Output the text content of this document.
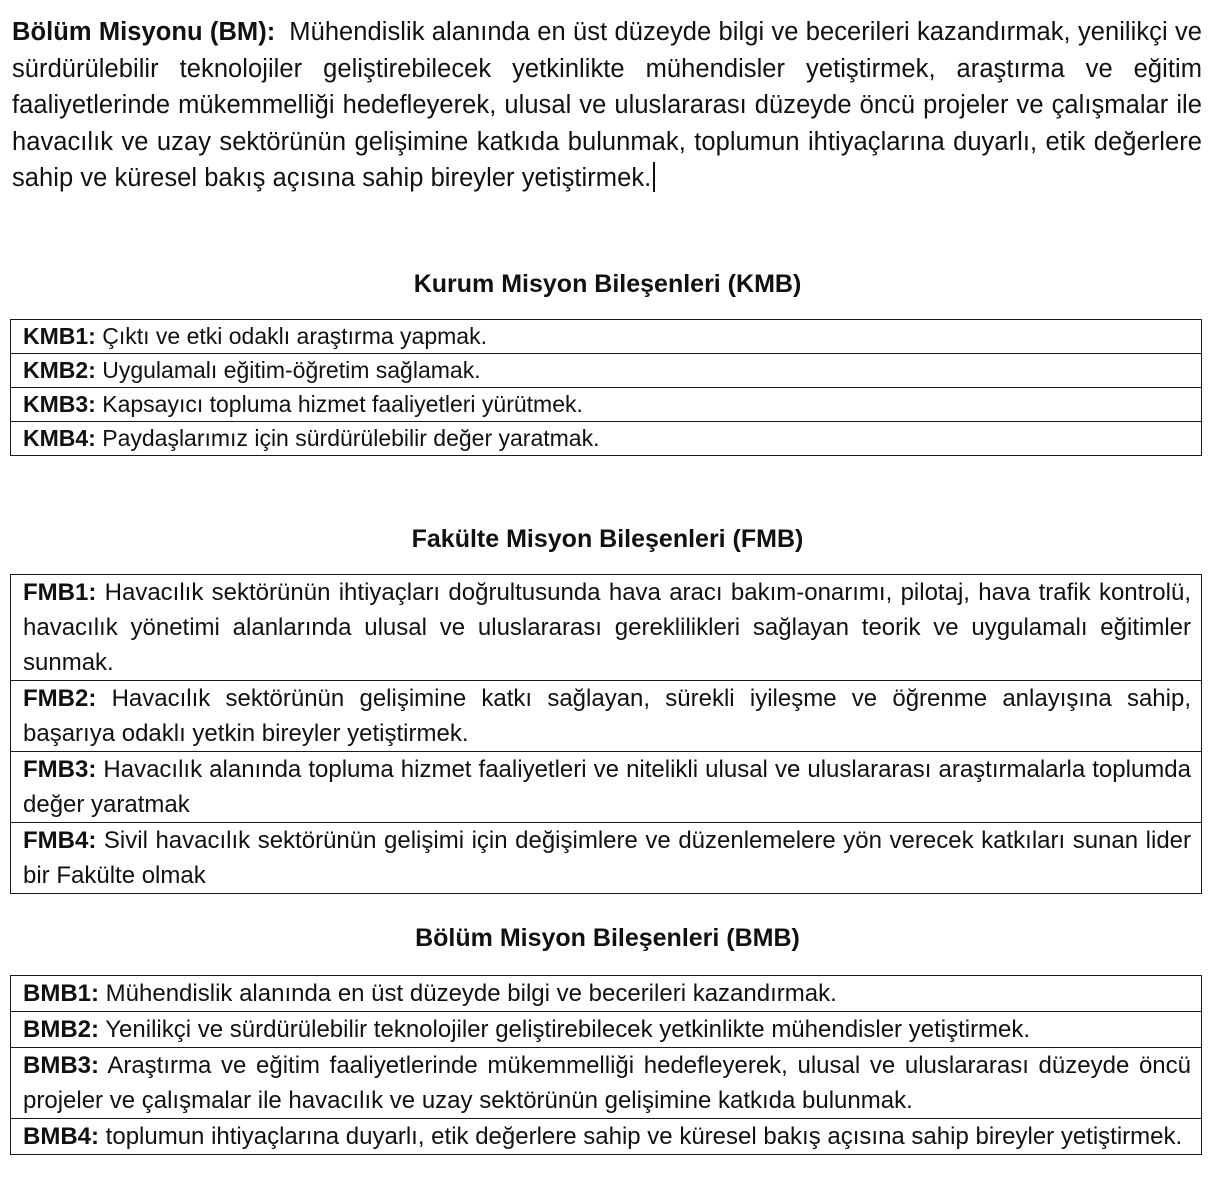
Bölüm Misyonu (BM): Mühendislik alanında en üst düzeyde bilgi ve becerileri kazandırmak, yenilikçi ve sürdürülebilir teknolojiler geliştirebilecek yetkinlikte mühendisler yetiştirmek, araştırma ve eğitim faaliyetlerinde mükemmelliği hedefleyerek, ulusal ve uluslararası düzeyde öncü projeler ve çalışmalar ile havacılık ve uzay sektörünün gelişimine katkıda bulunmak, toplumun ihtiyaçlarına duyarlı, etik değerlere sahip ve küresel bakış açısına sahip bireyler yetiştirmek.

Kurum Misyon Bileşenleri (KMB)
KMB1: Çıktı ve etki odaklı araştırma yapmak.
KMB2: Uygulamalı eğitim-öğretim sağlamak.
KMB3: Kapsayıcı topluma hizmet faaliyetleri yürütmek.
KMB4: Paydaşlarımız için sürdürülebilir değer yaratmak.
Fakülte Misyon Bileşenleri (FMB)
FMB1: Havacılık sektörünün ihtiyaçları doğrultusunda hava aracı bakım-onarımı, pilotaj, hava trafik kontrolü, havacılık yönetimi alanlarında ulusal ve uluslararası gereklilikleri sağlayan teorik ve uygulamalı eğitimler sunmak.
FMB2: Havacılık sektörünün gelişimine katkı sağlayan, sürekli iyileşme ve öğrenme anlayışına sahip, başarıya odaklı yetkin bireyler yetiştirmek.
FMB3: Havacılık alanında topluma hizmet faaliyetleri ve nitelikli ulusal ve uluslararası araştırmalarla toplumda değer yaratmak
FMB4: Sivil havacılık sektörünün gelişimi için değişimlere ve düzenlemelere yön verecek katkıları sunan lider bir Fakülte olmak
Bölüm Misyon Bileşenleri (BMB)
BMB1: Mühendislik alanında en üst düzeyde bilgi ve becerileri kazandırmak.
BMB2: Yenilikçi ve sürdürülebilir teknolojiler geliştirebilecek yetkinlikte mühendisler yetiştirmek.
BMB3: Araştırma ve eğitim faaliyetlerinde mükemmelliği hedefleyerek, ulusal ve uluslararası düzeyde öncü projeler ve çalışmalar ile havacılık ve uzay sektörünün gelişimine katkıda bulunmak.
BMB4: toplumun ihtiyaçlarına duyarlı, etik değerlere sahip ve küresel bakış açısına sahip bireyler yetiştirmek.
